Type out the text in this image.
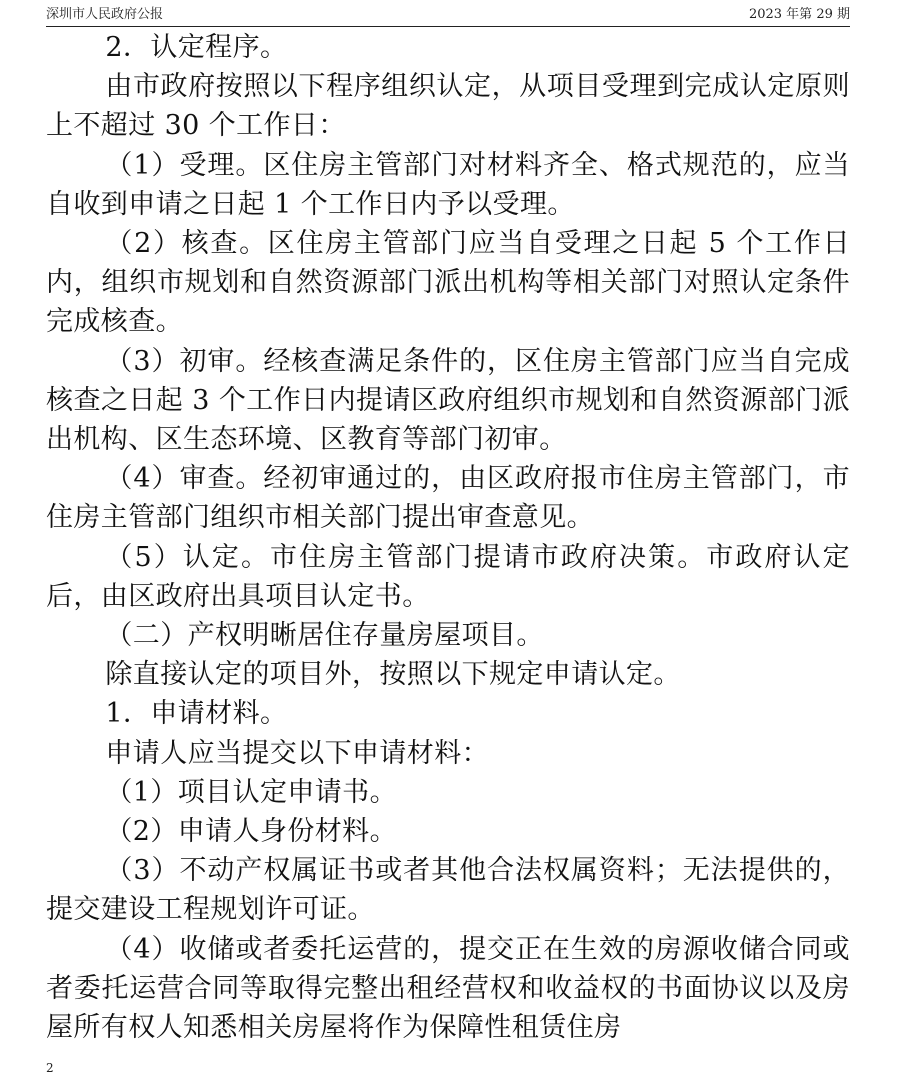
深圳市人民政府公报	2023 年第 29 期

2．认定程序。

由市政府按照以下程序组织认定，从项目受理到完成认定原则上不超过 30 个工作日：

（1）受理。区住房主管部门对材料齐全、格式规范的，应当自收到申请之日起 1 个工作日内予以受理。

（2）核查。区住房主管部门应当自受理之日起 5 个工作日内，组织市规划和自然资源部门派出机构等相关部门对照认定条件完成核查。

（3）初审。经核查满足条件的，区住房主管部门应当自完成核查之日起 3 个工作日内提请区政府组织市规划和自然资源部门派出机构、区生态环境、区教育等部门初审。

（4）审查。经初审通过的，由区政府报市住房主管部门，市住房主管部门组织市相关部门提出审查意见。

（5）认定。市住房主管部门提请市政府决策。市政府认定后，由区政府出具项目认定书。

（二）产权明晰居住存量房屋项目。

除直接认定的项目外，按照以下规定申请认定。

1．申请材料。

申请人应当提交以下申请材料：

（1）项目认定申请书。

（2）申请人身份材料。

（3）不动产权属证书或者其他合法权属资料；无法提供的，提交建设工程规划许可证。

（4）收储或者委托运营的，提交正在生效的房源收储合同或者委托运营合同等取得完整出租经营权和收益权的书面协议以及房屋所有权人知悉相关房屋将作为保障性租赁住房

2
